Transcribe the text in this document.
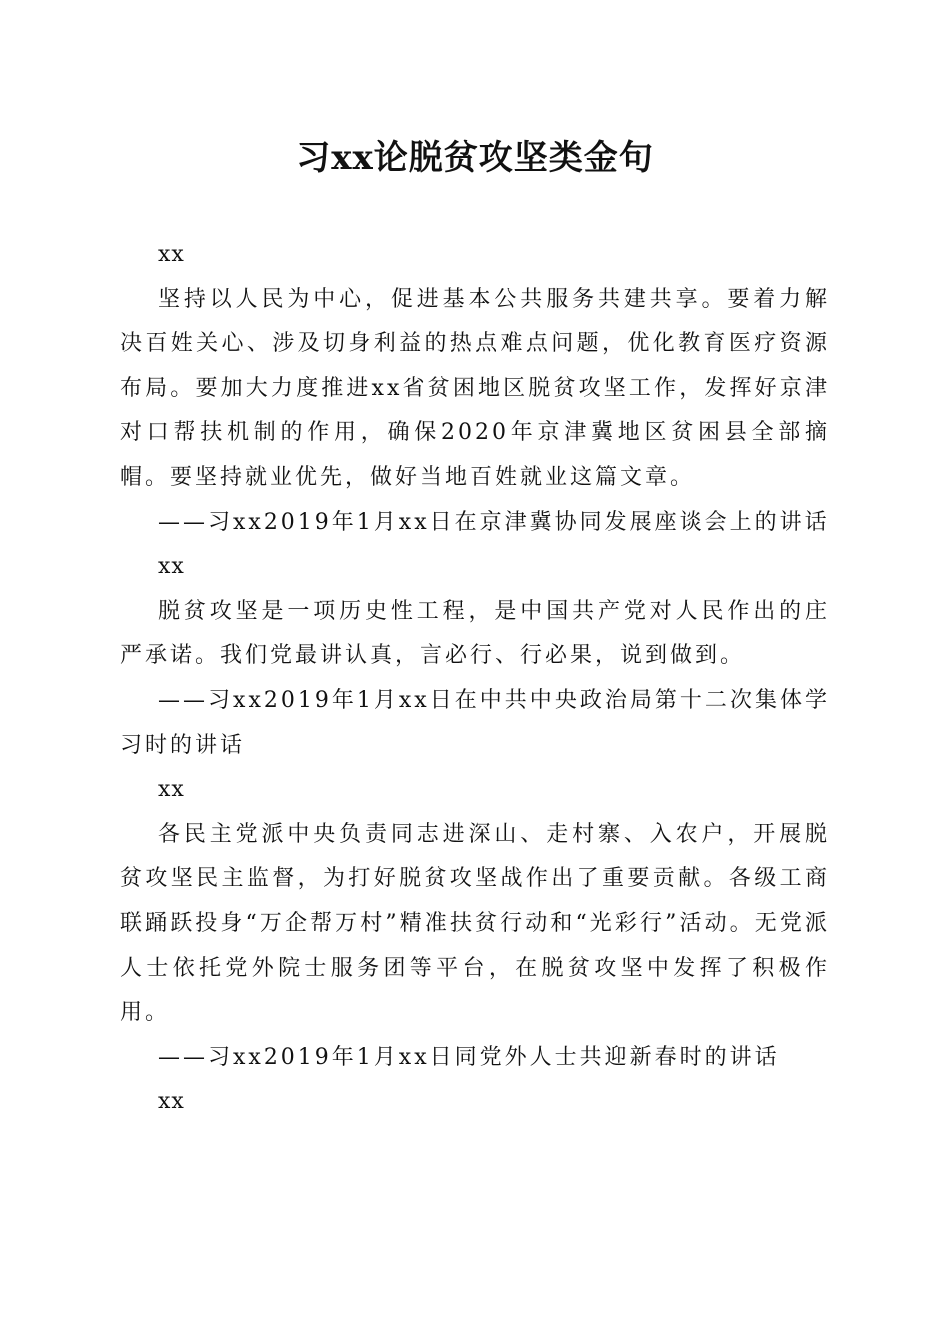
习xx论脱贫攻坚类金句

xx

坚持以人民为中心，促进基本公共服务共建共享。要着力解决百姓关心、涉及切身利益的热点难点问题，优化教育医疗资源布局。要加大力度推进xx省贫困地区脱贫攻坚工作，发挥好京津对口帮扶机制的作用，确保2020年京津冀地区贫困县全部摘帽。要坚持就业优先，做好当地百姓就业这篇文章。

——习xx2019年1月xx日在京津冀协同发展座谈会上的讲话

xx

脱贫攻坚是一项历史性工程，是中国共产党对人民作出的庄严承诺。我们党最讲认真，言必行、行必果，说到做到。

——习xx2019年1月xx日在中共中央政治局第十二次集体学习时的讲话

xx

各民主党派中央负责同志进深山、走村寨、入农户，开展脱贫攻坚民主监督，为打好脱贫攻坚战作出了重要贡献。各级工商联踊跃投身“万企帮万村”精准扶贫行动和“光彩行”活动。无党派人士依托党外院士服务团等平台，在脱贫攻坚中发挥了积极作用。

——习xx2019年1月xx日同党外人士共迎新春时的讲话

xx
